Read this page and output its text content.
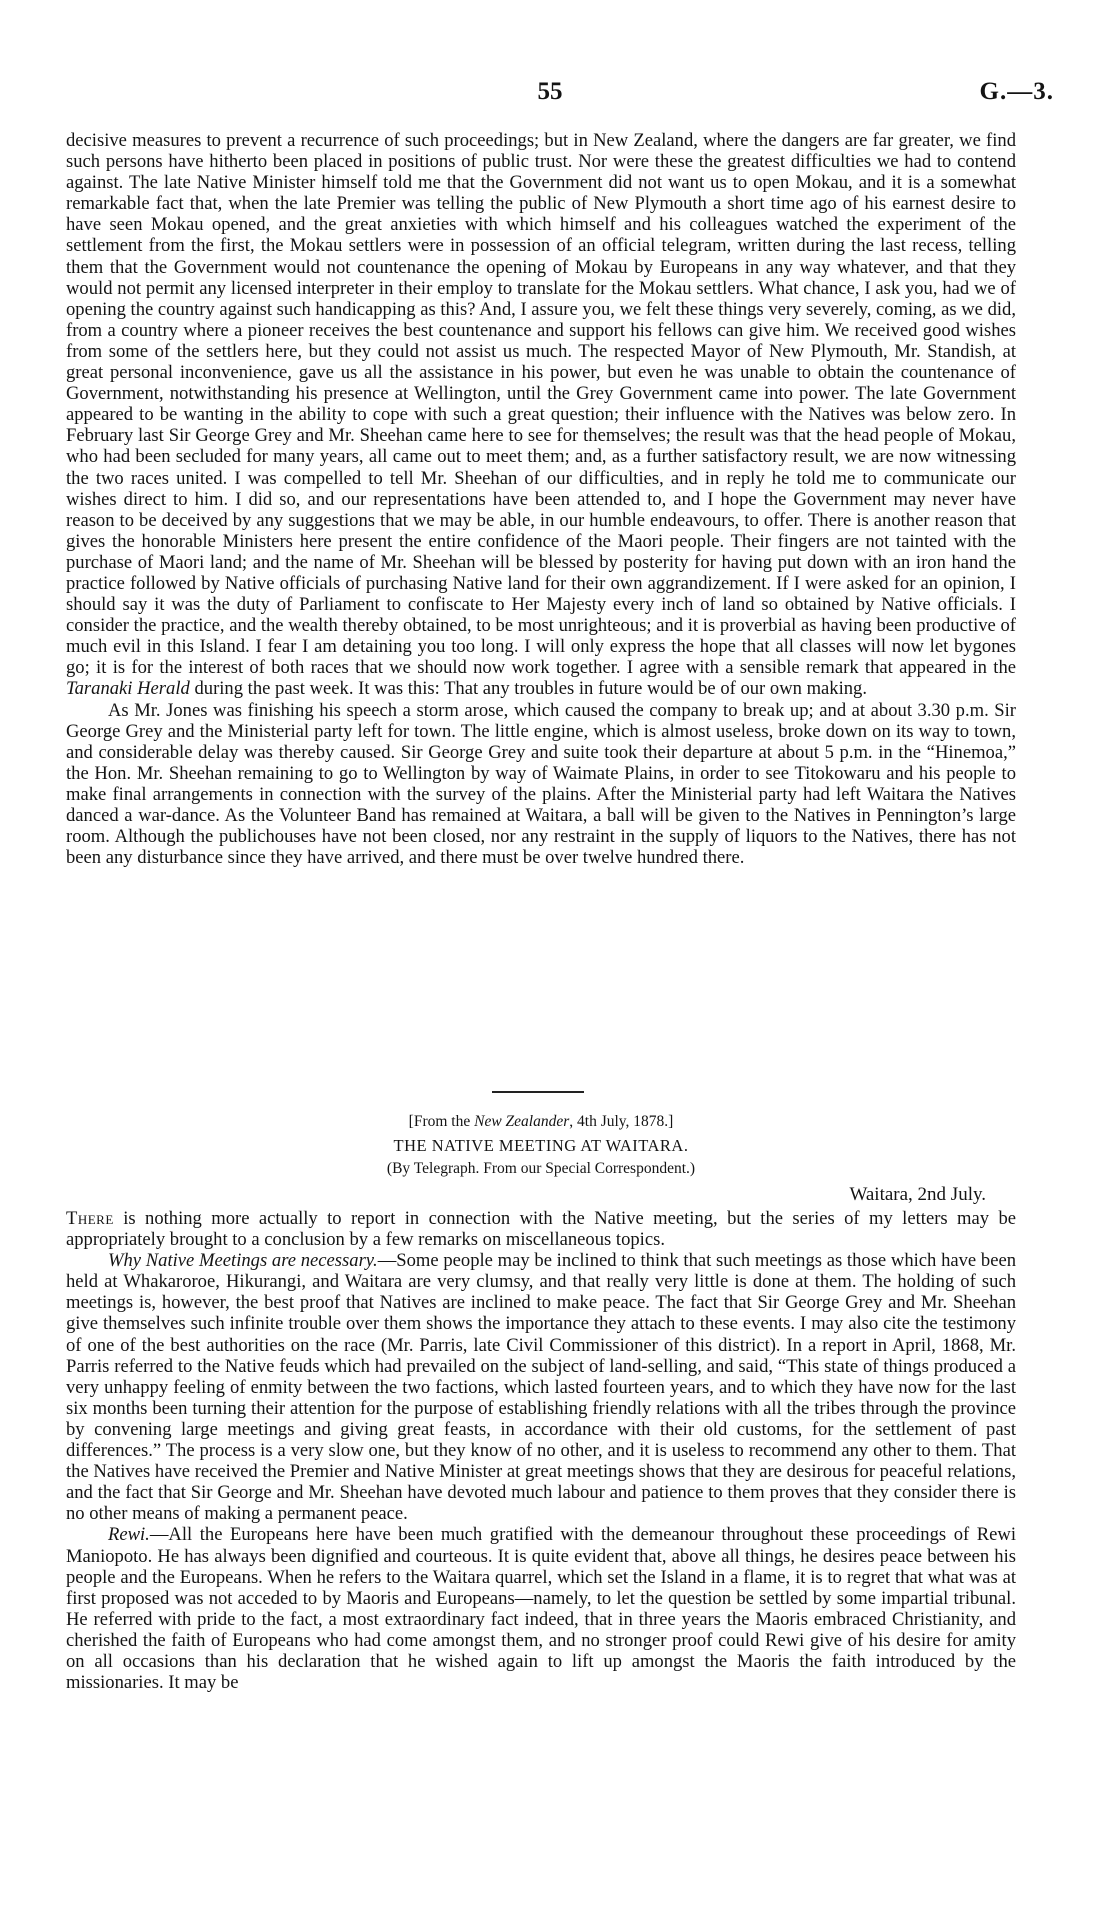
55	G.—3.

decisive measures to prevent a recurrence of such proceedings; but in New Zealand, where the dangers are far greater, we find such persons have hitherto been placed in positions of public trust. Nor were these the greatest difficulties we had to contend against. The late Native Minister himself told me that the Government did not want us to open Mokau, and it is a somewhat remarkable fact that, when the late Premier was telling the public of New Plymouth a short time ago of his earnest desire to have seen Mokau opened, and the great anxieties with which himself and his colleagues watched the experiment of the settlement from the first, the Mokau settlers were in possession of an official telegram, written during the last recess, telling them that the Government would not countenance the opening of Mokau by Europeans in any way whatever, and that they would not permit any licensed interpreter in their employ to translate for the Mokau settlers. What chance, I ask you, had we of opening the country against such handicapping as this? And, I assure you, we felt these things very severely, coming, as we did, from a country where a pioneer receives the best countenance and support his fellows can give him. We received good wishes from some of the settlers here, but they could not assist us much. The respected Mayor of New Plymouth, Mr. Standish, at great personal inconvenience, gave us all the assistance in his power, but even he was unable to obtain the countenance of Government, notwithstanding his presence at Wellington, until the Grey Government came into power. The late Government appeared to be wanting in the ability to cope with such a great question; their influence with the Natives was below zero. In February last Sir George Grey and Mr. Sheehan came here to see for themselves; the result was that the head people of Mokau, who had been secluded for many years, all came out to meet them; and, as a further satisfactory result, we are now witnessing the two races united. I was compelled to tell Mr. Sheehan of our difficulties, and in reply he told me to communicate our wishes direct to him. I did so, and our representations have been attended to, and I hope the Government may never have reason to be deceived by any suggestions that we may be able, in our humble endeavours, to offer. There is another reason that gives the honorable Ministers here present the entire confidence of the Maori people. Their fingers are not tainted with the purchase of Maori land; and the name of Mr. Sheehan will be blessed by posterity for having put down with an iron hand the practice followed by Native officials of purchasing Native land for their own aggrandizement. If I were asked for an opinion, I should say it was the duty of Parliament to confiscate to Her Majesty every inch of land so obtained by Native officials. I consider the practice, and the wealth thereby obtained, to be most unrighteous; and it is proverbial as having been productive of much evil in this Island. I fear I am detaining you too long. I will only express the hope that all classes will now let bygones go; it is for the interest of both races that we should now work together. I agree with a sensible remark that appeared in the Taranaki Herald during the past week. It was this: That any troubles in future would be of our own making.

As Mr. Jones was finishing his speech a storm arose, which caused the company to break up; and at about 3.30 p.m. Sir George Grey and the Ministerial party left for town. The little engine, which is almost useless, broke down on its way to town, and considerable delay was thereby caused. Sir George Grey and suite took their departure at about 5 p.m. in the “Hinemoa,” the Hon. Mr. Sheehan remaining to go to Wellington by way of Waimate Plains, in order to see Titokowaru and his people to make final arrangements in connection with the survey of the plains. After the Ministerial party had left Waitara the Natives danced a war-dance. As the Volunteer Band has remained at Waitara, a ball will be given to the Natives in Pennington’s large room. Although the publichouses have not been closed, nor any restraint in the supply of liquors to the Natives, there has not been any disturbance since they have arrived, and there must be over twelve hundred there.

[From the New Zealander, 4th July, 1878.]
THE NATIVE MEETING AT WAITARA.
(By Telegraph. From our Special Correspondent.)
Waitara, 2nd July.

There is nothing more actually to report in connection with the Native meeting, but the series of my letters may be appropriately brought to a conclusion by a few remarks on miscellaneous topics.

Why Native Meetings are necessary.—Some people may be inclined to think that such meetings as those which have been held at Whakaroroe, Hikurangi, and Waitara are very clumsy, and that really very little is done at them. The holding of such meetings is, however, the best proof that Natives are inclined to make peace. The fact that Sir George Grey and Mr. Sheehan give themselves such infinite trouble over them shows the importance they attach to these events. I may also cite the testimony of one of the best authorities on the race (Mr. Parris, late Civil Commissioner of this district). In a report in April, 1868, Mr. Parris referred to the Native feuds which had prevailed on the subject of land-selling, and said, “This state of things produced a very unhappy feeling of enmity between the two factions, which lasted fourteen years, and to which they have now for the last six months been turning their attention for the purpose of establishing friendly relations with all the tribes through the province by convening large meetings and giving great feasts, in accordance with their old customs, for the settlement of past differences.” The process is a very slow one, but they know of no other, and it is useless to recommend any other to them. That the Natives have received the Premier and Native Minister at great meetings shows that they are desirous for peaceful relations, and the fact that Sir George and Mr. Sheehan have devoted much labour and patience to them proves that they consider there is no other means of making a permanent peace.

Rewi.—All the Europeans here have been much gratified with the demeanour throughout these proceedings of Rewi Maniopoto. He has always been dignified and courteous. It is quite evident that, above all things, he desires peace between his people and the Europeans. When he refers to the Waitara quarrel, which set the Island in a flame, it is to regret that what was at first proposed was not acceded to by Maoris and Europeans—namely, to let the question be settled by some impartial tribunal. He referred with pride to the fact, a most extraordinary fact indeed, that in three years the Maoris embraced Christianity, and cherished the faith of Europeans who had come amongst them, and no stronger proof could Rewi give of his desire for amity on all occasions than his declaration that he wished again to lift up amongst the Maoris the faith introduced by the missionaries. It may be
